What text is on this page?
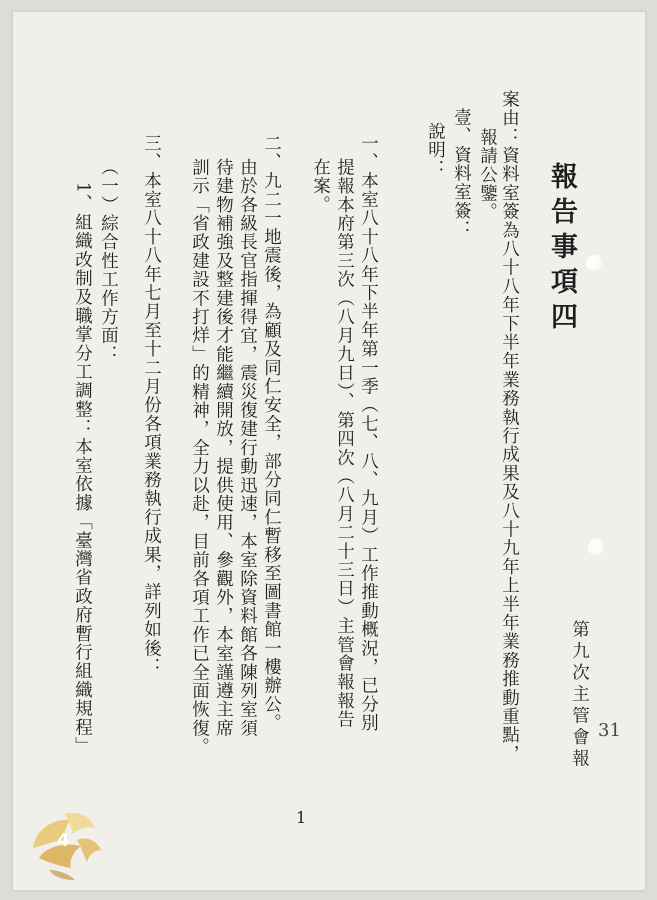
報告事項四
第九次主管會報
案由：資料室簽為八十八年下半年業務執行成果及八十九年上半年業務推動重點，
報請公鑒。
壹、資料室簽：
說明：
一、本室八十八年下半年第一季（七、八、九月）工作推動概況，已分別
提報本府第三次（八月九日）、第四次（八月二十三日）主管會報報告
在案。
二、九二一地震後，為顧及同仁安全，部分同仁暫移至圖書館一樓辦公。
由於各級長官指揮得宜，震災復建行動迅速，本室除資料館各陳列室須
待建物補強及整建後才能繼續開放，提供使用、參觀外，本室謹遵主席
訓示「省政建設不打烊」的精神，全力以赴，目前各項工作已全面恢復。
三、本室八十八年七月至十二月份各項業務執行成果，詳列如後：
（一）綜合性工作方面：
1、組織改制及職掌分工調整：本室依據「臺灣省政府暫行組織規程」	31
1
4
